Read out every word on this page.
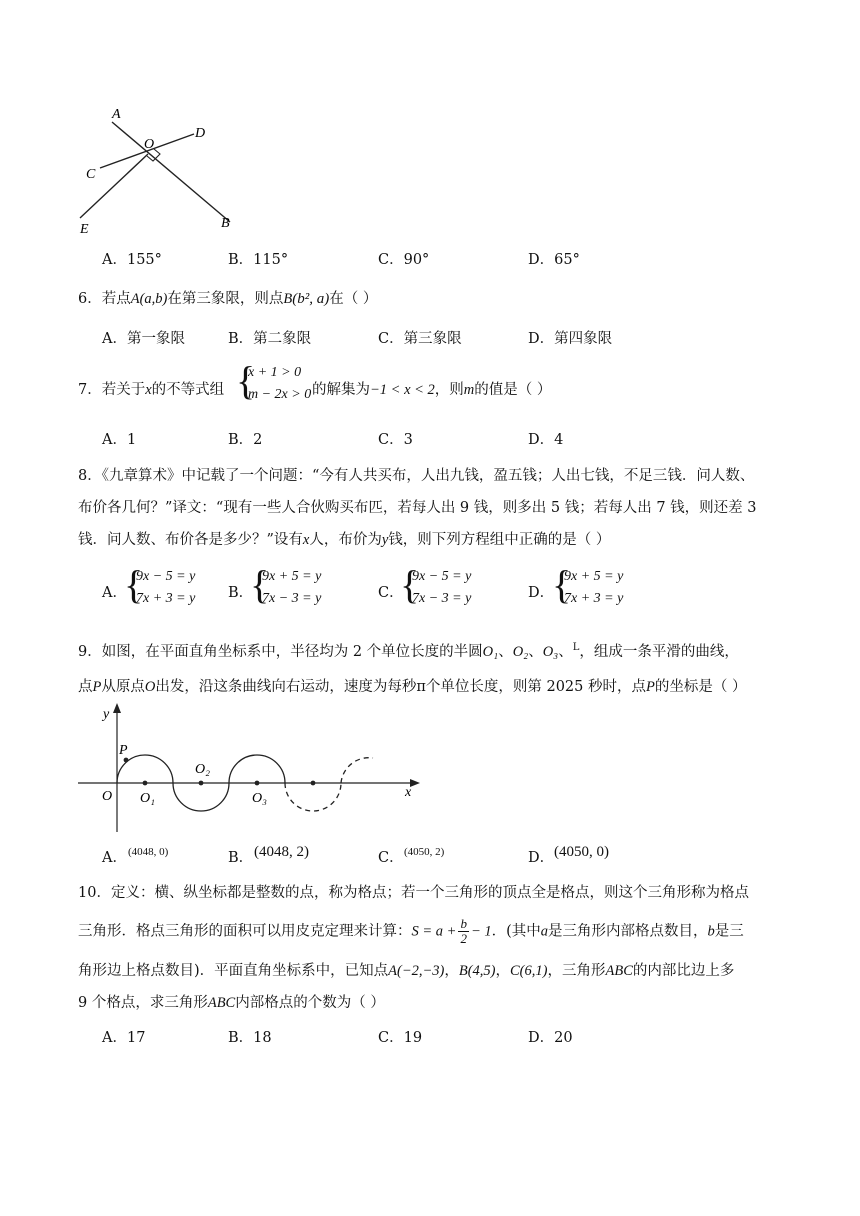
A
O
D
C
E	B
A．155°	B．115°	C．90°	D．65°
6．若点A(a,b)在第三象限，则点B(b², a)在（ ）
A．第一象限	B．第二象限	C．第三象限	D．第四象限
7．若关于x的不等式组 {
x + 1 > 0
m − 2x > 0 的解集为−1 < x < 2，则m的值是（ ）
A．1	B．2	C．3	D．4
8．《九章算术》中记载了一个问题：“今有人共买布，人出九钱，盈五钱；人出七钱，不足三钱．问人数、
布价各几何？”译文：“现有一些人合伙购买布匹，若每人出 9 钱，则多出 5 钱；若每人出 7 钱，则还差 3
钱．问人数、布价各是多少？”设有x人，布价为y钱，则下列方程组中正确的是（ ）
A．
{
9x − 5 = y
7x + 3 = y B．
{
9x + 5 = y
7x − 3 = y	C．
{
9x − 5 = y
7x − 3 = y	D．
{
9x + 5 = y
7x + 3 = y
9．如图，在平面直角坐标系中，半径均为 2 个单位长度的半圆O₁、O₂、O₃、$^L$，组成一条平滑的曲线，
点P从原点O出发，沿这条曲线向右运动，速度为每秒π个单位长度，则第 2025 秒时，点P的坐标是（ ）
y
x
P
O O₁
O₂
O₃
A． (4048, 0)	B． (4048, 2)	C． (4050, 2)	D． (4050, 0)
10．定义：横、纵坐标都是整数的点，称为格点；若一个三角形的顶点全是格点，则这个三角形称为格点
三角形．格点三角形的面积可以用皮克定理来计算：$S = a + \frac{b}{2} - 1$．(其中a是三角形内部格点数目，b是三
角形边上格点数目)．平面直角坐标系中，已知点A(−2,−3)，B(4,5)，C(6,1)，三角形ABC的内部比边上多
9 个格点，求三角形ABC内部格点的个数为（ ）
A．17	B．18	C．19	D．20
